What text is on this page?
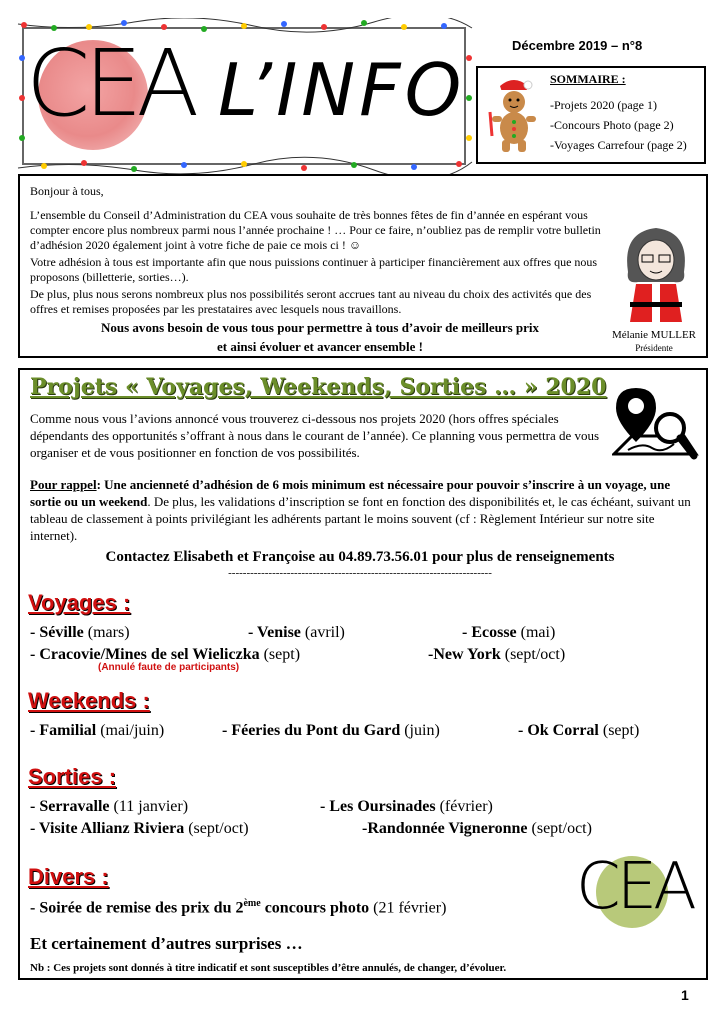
CEA L’INFO
Décembre 2019 – n°8
SOMMAIRE :
-Projets 2020 (page 1)
-Concours Photo (page 2)
-Voyages Carrefour (page 2)
Bonjour à tous,
L’ensemble du Conseil d’Administration du CEA vous souhaite de très bonnes fêtes de fin d’année en espérant vous compter encore plus nombreux parmi nous l’année prochaine ! … Pour ce faire, n’oubliez pas de remplir votre bulletin d’adhésion 2020 également joint à votre fiche de paie ce mois ci ! ☺
Votre adhésion à tous est importante afin que nous puissions continuer à participer financièrement aux offres que nous proposons (billetterie, sorties…).
De plus, plus nous serons nombreux plus nos possibilités seront accrues tant au niveau du choix des activités que des offres et remises proposées par les prestataires avec lesquels nous travaillons.
Nous avons besoin de vous tous pour permettre à tous d’avoir de meilleurs prix
et ainsi évoluer et avancer ensemble !
Mélanie MULLER
Présidente
Projets « Voyages, Weekends, Sorties … » 2020
Comme nous vous l’avions annoncé vous trouverez ci-dessous nos projets 2020 (hors offres spéciales dépendants des opportunités s’offrant à nous dans le courant de l’année). Ce planning vous permettra de vous organiser et de vous positionner en fonction de vos possibilités.
Pour rappel: Une ancienneté d’adhésion de 6 mois minimum est nécessaire pour pouvoir s’inscrire à un voyage, une sortie ou un weekend. De plus, les validations d’inscription se font en fonction des disponibilités et, le cas échéant, suivant un tableau de classement à points privilégiant les adhérents partant le moins souvent (cf : Règlement Intérieur sur notre site internet).
Contactez Elisabeth et Françoise au 04.89.73.56.01 pour plus de renseignements
------------------------------------------------------------------------
Voyages :
- Séville (mars)	- Venise (avril)	- Ecosse (mai)
- Cracovie/Mines de sel Wieliczka (sept)	-New York (sept/oct)
(Annulé faute de participants)
Weekends :
- Familial (mai/juin)	- Féeries du Pont du Gard (juin)	- Ok Corral (sept)
Sorties :
- Serravalle (11 janvier)	- Les Oursinades (février)
- Visite Allianz Riviera (sept/oct)	-Randonnée Vigneronne (sept/oct)
Divers :
- Soirée de remise des prix du 2ème concours photo (21 février) CEA
Et certainement d’autres surprises …
Nb : Ces projets sont donnés à titre indicatif et sont susceptibles d’être annulés, de changer, d’évoluer.
1
